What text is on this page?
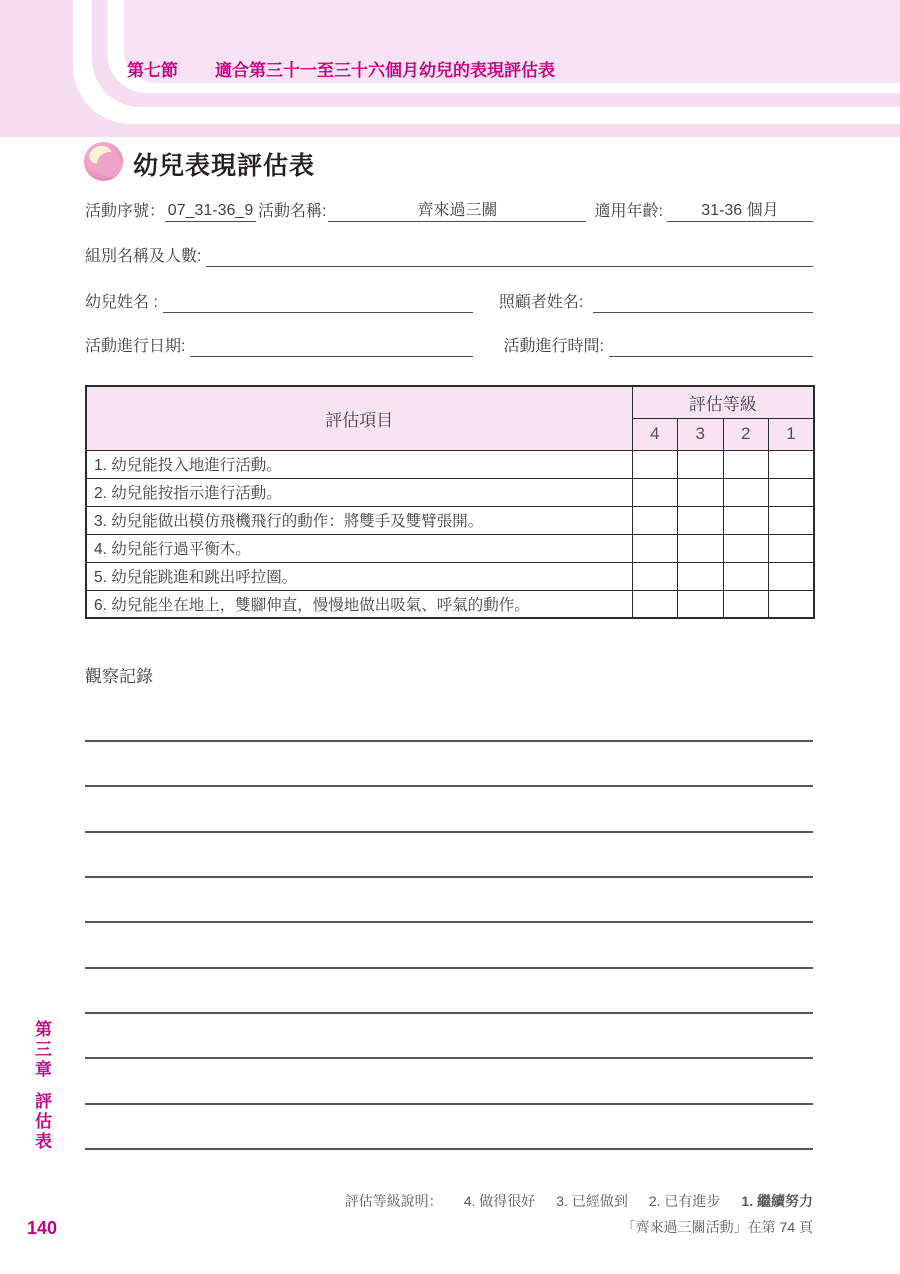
第七節 適合第三十一至三十六個月幼兒的表現評估表
幼兒表現評估表
活動序號： 07_31-36_9 活動名稱:	齊來過三關	適用年齡:	31-36 個月
組別名稱及人數:
幼兒姓名 :	照顧者姓名:
活動進行日期:	活動進行時間:
評估項目	評估等級			
	4	3	2	1
1. 幼兒能投入地進行活動。				
2. 幼兒能按指示進行活動。				
3. 幼兒能做出模仿飛機飛行的動作：將雙手及雙臂張開。				
4. 幼兒能行過平衡木。				
5. 幼兒能跳進和跳出呼拉圈。				
6. 幼兒能坐在地上，雙腳伸直，慢慢地做出吸氣、呼氣的動作。				
觀察記錄
第三章
評估表
140
評估等級說明： 4. 做得很好 3. 已經做到 2. 已有進步 1. 繼續努力
「齊來過三關活動」在第 74 頁
